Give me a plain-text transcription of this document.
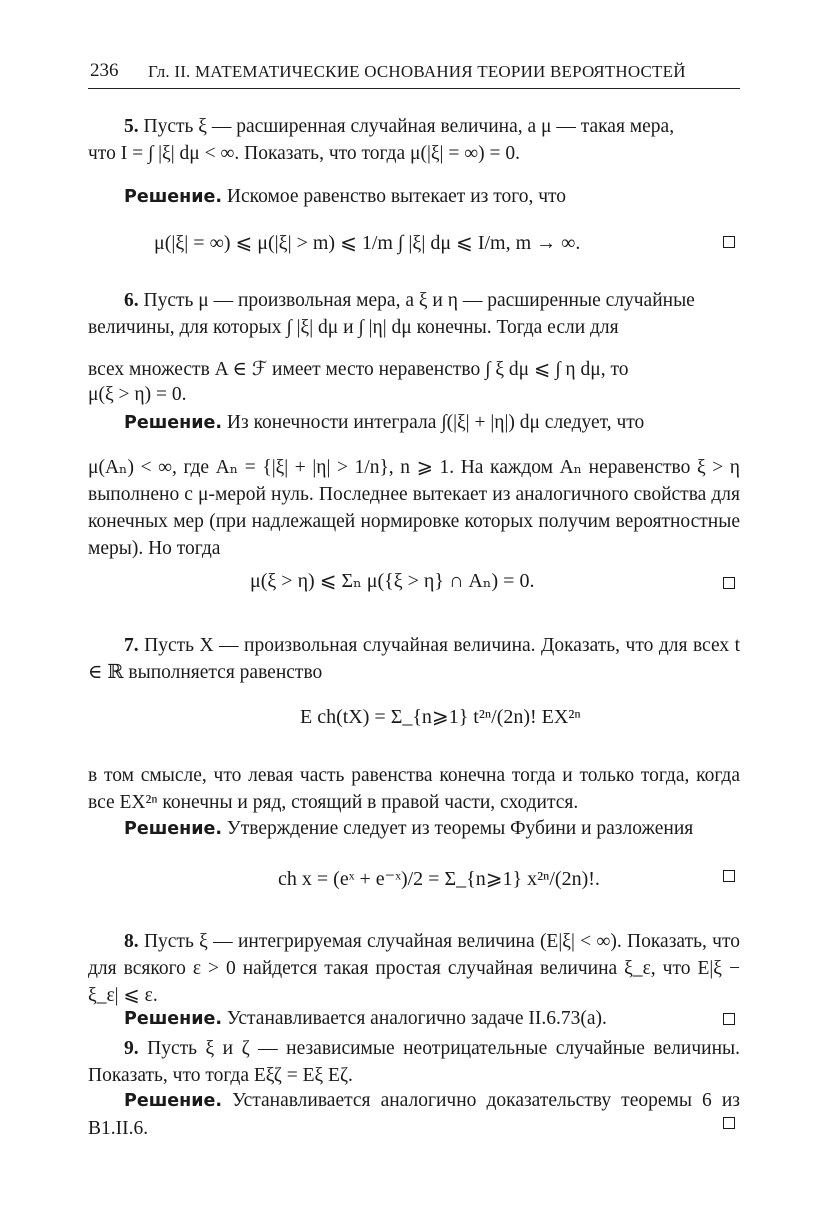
236 Гл. II. МАТЕМАТИЧЕСКИЕ ОСНОВАНИЯ ТЕОРИИ ВЕРОЯТНОСТЕЙ
5. Пусть ξ — расширенная случайная величина, а μ — такая мера,
что I = ∫ |ξ| dμ < ∞. Показать, что тогда μ(|ξ| = ∞) = 0.
Решение. Искомое равенство вытекает из того, что
μ(|ξ| = ∞) ⩽ μ(|ξ| > m) ⩽ 1/m ∫ |ξ| dμ ⩽ I/m, m → ∞.
6. Пусть μ — произвольная мера, а ξ и η — расширенные случайные
величины, для которых ∫ |ξ| dμ и ∫ |η| dμ конечны. Тогда если для
всех множеств A ∈ ℱ имеет место неравенство ∫ ξ dμ ⩽ ∫ η dμ, то
μ(ξ > η) = 0.
Решение. Из конечности интеграла ∫(|ξ| + |η|) dμ следует, что
μ(Aₙ) < ∞, где Aₙ = {|ξ| + |η| > 1/n}, n ⩾ 1. На каждом Aₙ неравенство ξ > η выполнено с μ-мерой нуль. Последнее вытекает из аналогичного свойства для конечных мер (при надлежащей нормировке которых получим вероятностные меры). Но тогда
μ(ξ > η) ⩽ Σₙ μ({ξ > η} ∩ Aₙ) = 0.
7. Пусть X — произвольная случайная величина. Доказать, что для всех t ∈ ℝ выполняется равенство
E ch(tX) = Σ_{n⩾1} t²ⁿ/(2n)! EX²ⁿ
в том смысле, что левая часть равенства конечна тогда и только тогда, когда все EX²ⁿ конечны и ряд, стоящий в правой части, сходится.
Решение. Утверждение следует из теоремы Фубини и разложения
ch x = (eˣ + e⁻ˣ)/2 = Σ_{n⩾1} x²ⁿ/(2n)!.
8. Пусть ξ — интегрируемая случайная величина (E|ξ| < ∞). Показать, что для всякого ε > 0 найдется такая простая случайная величина ξ_ε, что E|ξ − ξ_ε| ⩽ ε.
Решение. Устанавливается аналогично задаче II.6.73(а).
9. Пусть ξ и ζ — независимые неотрицательные случайные величины. Показать, что тогда Eξζ = Eξ Eζ.
Решение. Устанавливается аналогично доказательству теоремы 6 из B1.II.6.
